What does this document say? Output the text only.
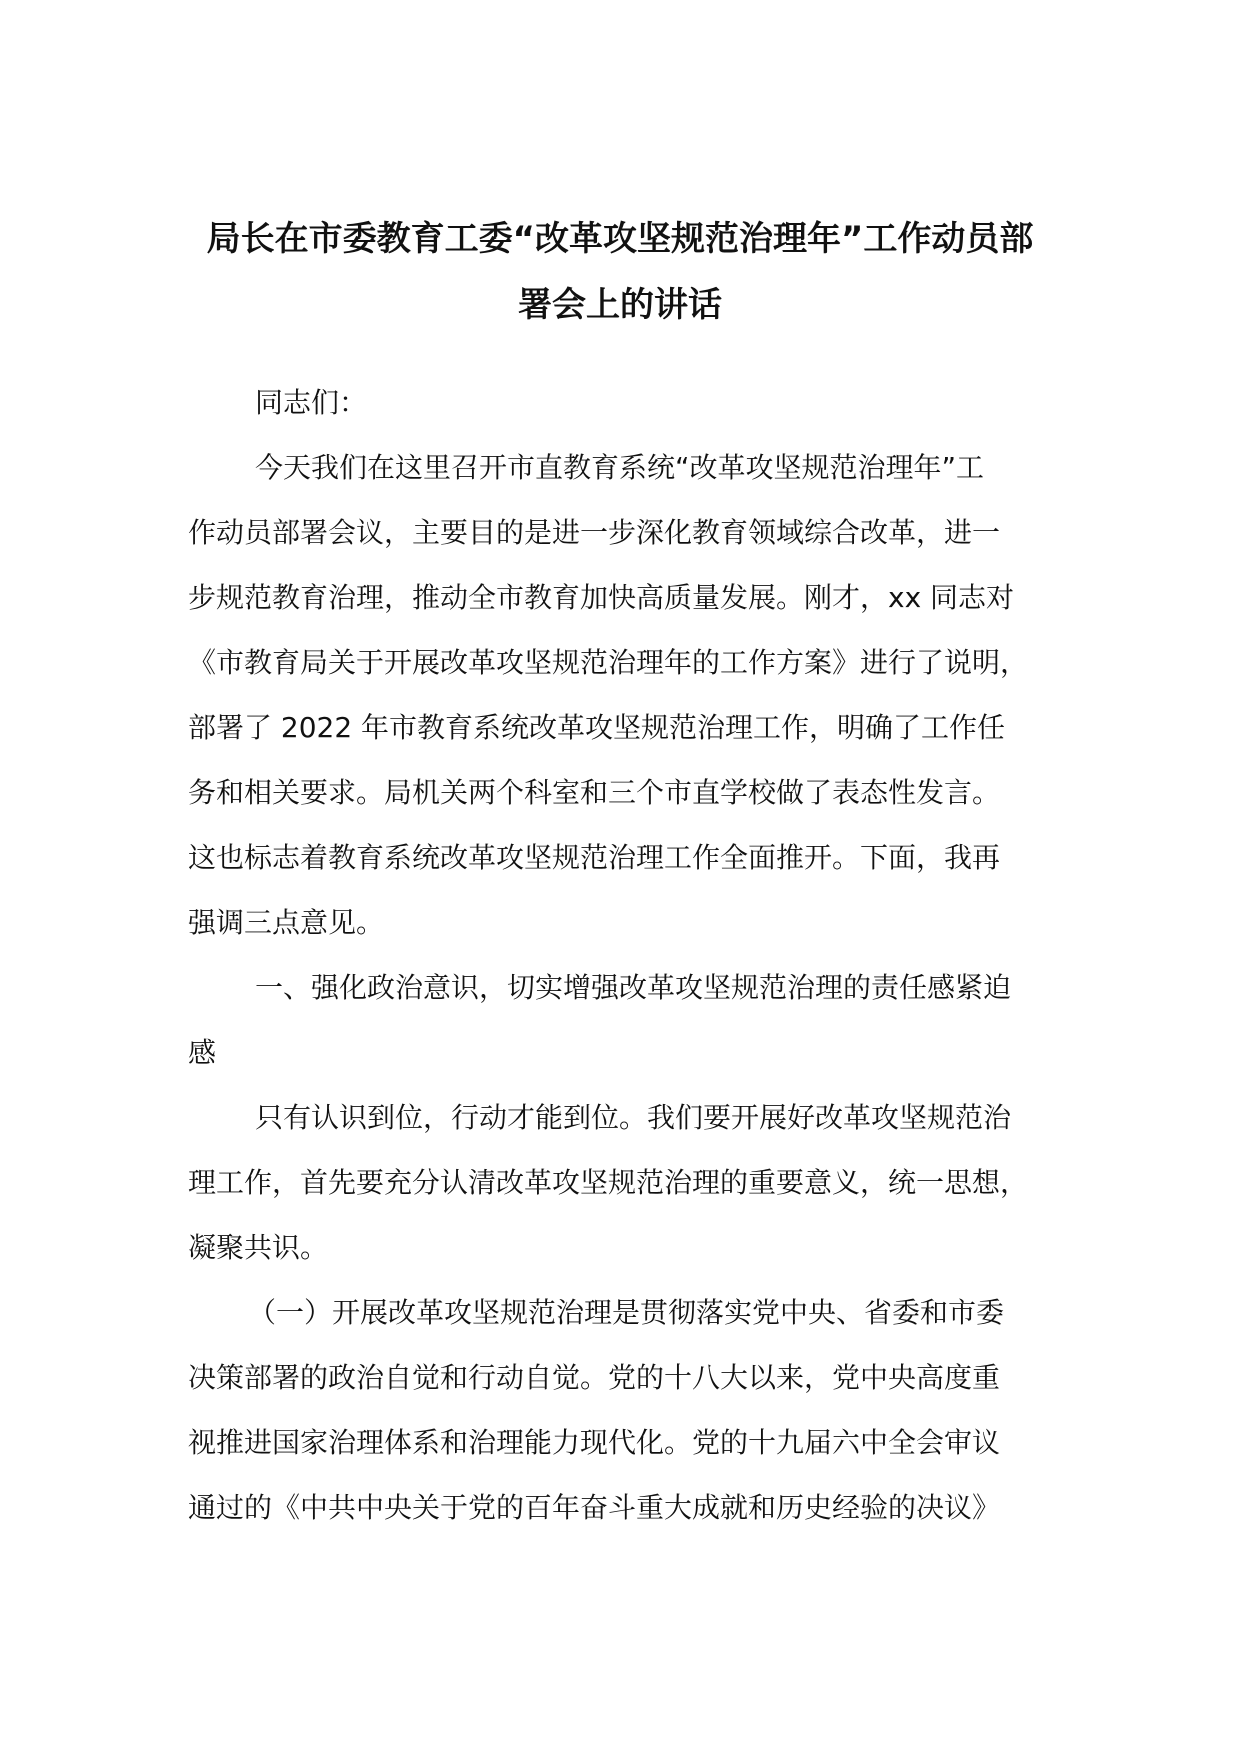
局长在市委教育工委“改革攻坚规范治理年”工作动员部
署会上的讲话
同志们：
今天我们在这里召开市直教育系统“改革攻坚规范治理年”工
作动员部署会议，主要目的是进一步深化教育领域综合改革，进一
步规范教育治理，推动全市教育加快高质量发展。刚才，xx 同志对
《市教育局关于开展改革攻坚规范治理年的工作方案》进行了说明，
部署了 2022 年市教育系统改革攻坚规范治理工作，明确了工作任
务和相关要求。局机关两个科室和三个市直学校做了表态性发言。
这也标志着教育系统改革攻坚规范治理工作全面推开。下面，我再
强调三点意见。
一、强化政治意识，切实增强改革攻坚规范治理的责任感紧迫
感
只有认识到位，行动才能到位。我们要开展好改革攻坚规范治
理工作，首先要充分认清改革攻坚规范治理的重要意义，统一思想，
凝聚共识。
（一）开展改革攻坚规范治理是贯彻落实党中央、省委和市委
决策部署的政治自觉和行动自觉。党的十八大以来，党中央高度重
视推进国家治理体系和治理能力现代化。党的十九届六中全会审议
通过的《中共中央关于党的百年奋斗重大成就和历史经验的决议》
